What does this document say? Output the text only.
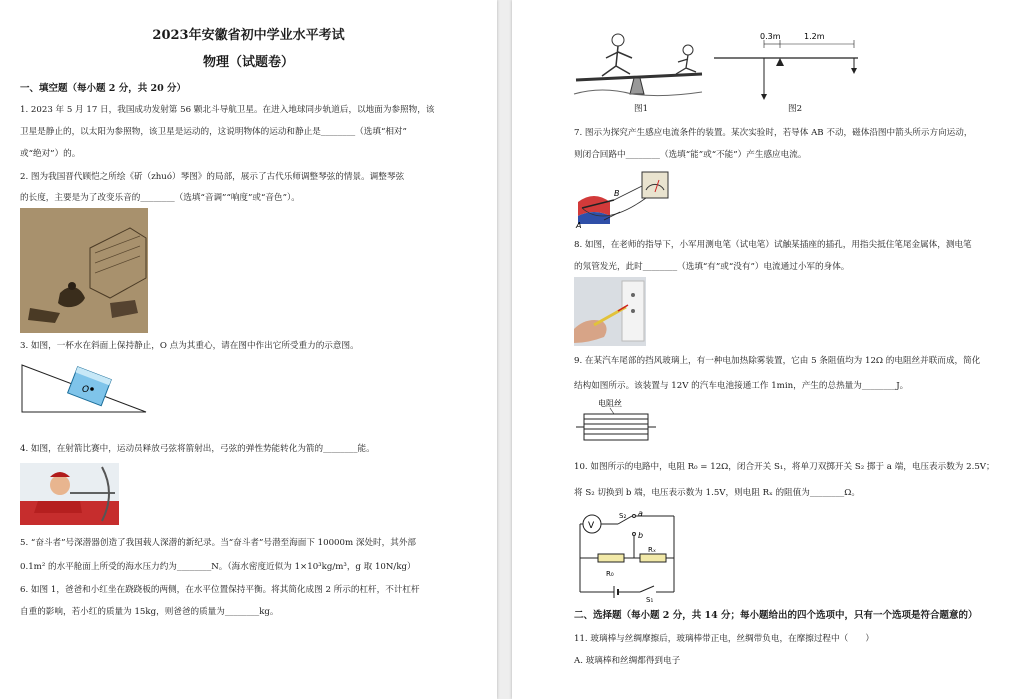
2023年安徽省初中学业水平考试
物理（试题卷）
一、填空题（每小题 2 分，共 20 分）
1. 2023 年 5 月 17 日，我国成功发射第 56 颗北斗导航卫星。在进入地球同步轨道后，以地面为参照物，该
卫星是静止的，以太阳为参照物，该卫星是运动的，这说明物体的运动和静止是________（选填“相对”
或“绝对”）的。
2. 图为我国晋代顾恺之所绘《斫（zhuó）琴图》的局部，展示了古代乐师调整琴弦的情景。调整琴弦
的长度，主要是为了改变乐音的________（选填“音调”“响度”或“音色”）。
3. 如图，一杯水在斜面上保持静止，O 点为其重心，请在图中作出它所受重力的示意图。
O
4. 如图，在射箭比赛中，运动员释放弓弦将箭射出，弓弦的弹性势能转化为箭的________能。
5. “奋斗者”号深潜器创造了我国载人深潜的新纪录。当“奋斗者”号潜至海面下 10000m 深处时，其外部
0.1m² 的水平舱面上所受的海水压力约为________N。（海水密度近似为 1×10³kg/m³，g 取 10N/kg）
6. 如图 1，爸爸和小红坐在跷跷板的两侧，在水平位置保持平衡。将其简化成图 2 所示的杠杆，不计杠杆
自重的影响，若小红的质量为 15kg，则爸爸的质量为________kg。
图1
0.3m	1.2m
图2
7. 图示为探究产生感应电流条件的装置。某次实验时，若导体 AB 不动，磁体沿图中箭头所示方向运动，
则闭合回路中________（选填“能”或“不能”）产生感应电流。
A
B
8. 如图，在老师的指导下，小军用测电笔（试电笔）试触某插座的插孔，用指尖抵住笔尾金属体，测电笔
的氖管发光，此时________（选填“有”或“没有”）电流通过小军的身体。
9. 在某汽车尾部的挡风玻璃上，有一种电加热除雾装置，它由 5 条阻值均为 12Ω 的电阻丝并联而成，简化
结构如图所示。该装置与 12V 的汽车电池接通工作 1min，产生的总热量为________J。
电阻丝
10. 如图所示的电路中，电阻 R₀ = 12Ω，闭合开关 S₁，将单刀双掷开关 S₂ 掷于 a 端，电压表示数为 2.5V；
将 S₂ 切换到 b 端，电压表示数为 1.5V，则电阻 Rₓ 的阻值为________Ω。
V
S₂ a
b
R₀
Rₓ
S₁
二、选择题（每小题 2 分，共 14 分；每小题给出的四个选项中，只有一个选项是符合题意的）
11. 玻璃棒与丝绸摩擦后，玻璃棒带正电，丝绸带负电，在摩擦过程中（　　）
A. 玻璃棒和丝绸都得到电子
